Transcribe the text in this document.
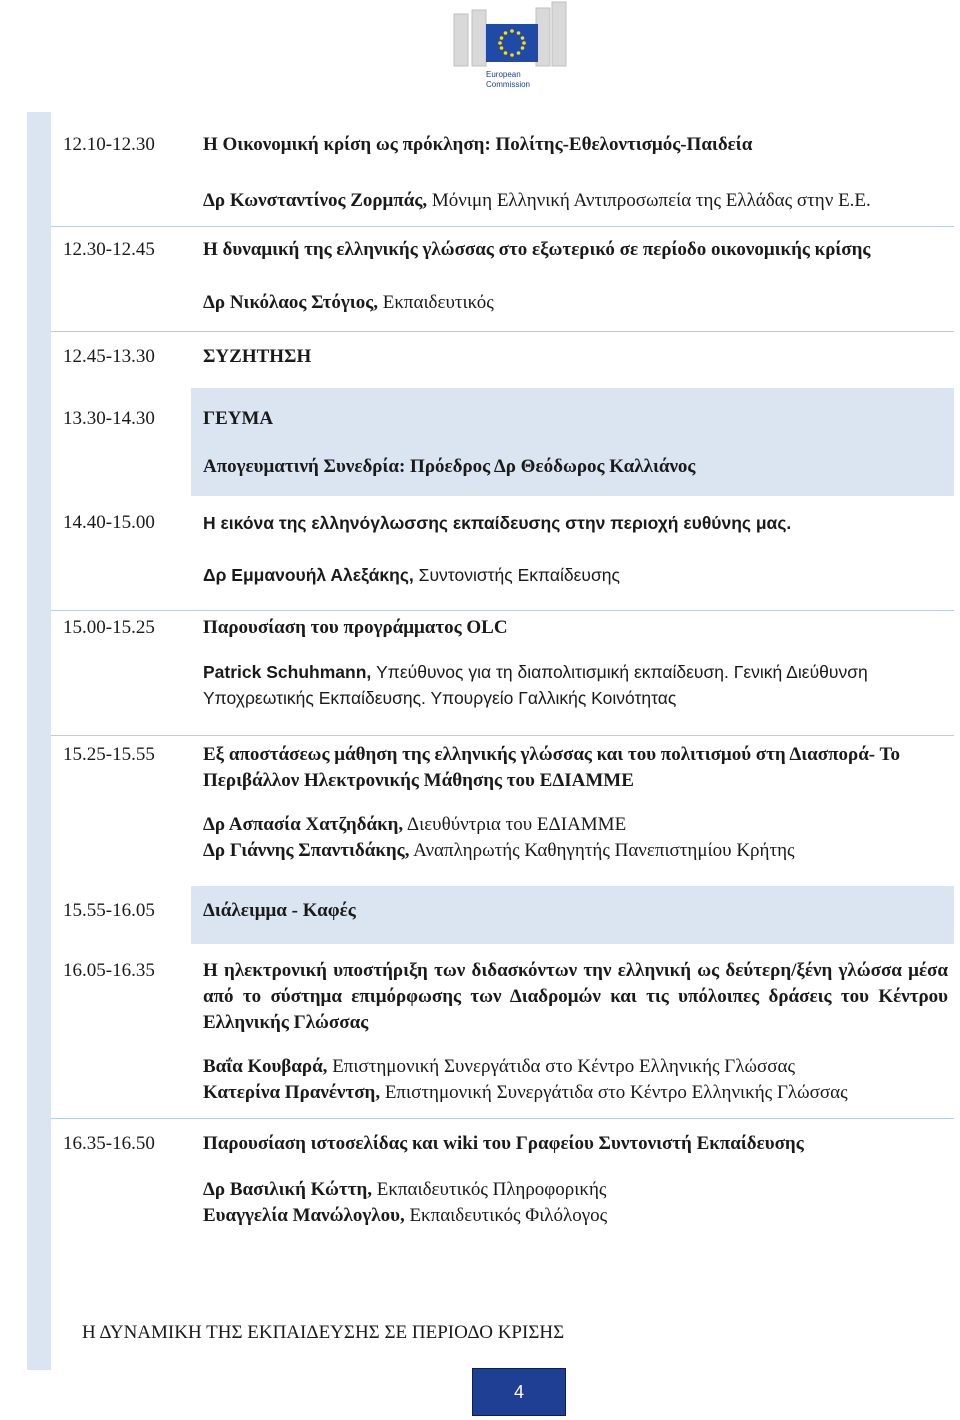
European
Commission
12.10-12.30	Η Οικονομική κρίση ως πρόκληση: Πολίτης-Εθελοντισμός-Παιδεία
Δρ Κωνσταντίνος Ζορμπάς, Μόνιμη Ελληνική Αντιπροσωπεία της Ελλάδας στην Ε.Ε.
12.30-12.45	Η δυναμική της ελληνικής γλώσσας στο εξωτερικό σε περίοδο οικονομικής κρίσης
Δρ Νικόλαος Στόγιος, Εκπαιδευτικός
12.45-13.30	ΣΥΖΗΤΗΣΗ
13.30-14.30	ΓΕΥΜΑ
Απογευματινή Συνεδρία: Πρόεδρος Δρ Θεόδωρος Καλλιάνος
14.40-15.00	Η εικόνα της ελληνόγλωσσης εκπαίδευσης στην περιοχή ευθύνης μας.
Δρ Εμμανουήλ Αλεξάκης, Συντονιστής Εκπαίδευσης
15.00-15.25	Παρουσίαση του προγράμματος OLC
Patrick Schuhmann, Υπεύθυνος για τη διαπολιτισμική εκπαίδευση. Γενική Διεύθυνση Υποχρεωτικής Εκπαίδευσης. Υπουργείο Γαλλικής Κοινότητας
15.25-15.55	Εξ αποστάσεως μάθηση της ελληνικής γλώσσας και του πολιτισμού στη Διασπορά- Το Περιβάλλον Ηλεκτρονικής Μάθησης του ΕΔΙΑΜΜΕ
Δρ Ασπασία Χατζηδάκη, Διευθύντρια του ΕΔΙΑΜΜΕ
Δρ Γιάννης Σπαντιδάκης, Αναπληρωτής Καθηγητής Πανεπιστημίου Κρήτης
15.55-16.05	Διάλειμμα - Καφές
16.05-16.35	Η ηλεκτρονική υποστήριξη των διδασκόντων την ελληνική ως δεύτερη/ξένη γλώσσα μέσα από το σύστημα επιμόρφωσης των Διαδρομών και τις υπόλοιπες δράσεις του Κέντρου Ελληνικής Γλώσσας
Βαΐα Κουβαρά, Επιστημονική Συνεργάτιδα στο Κέντρο Ελληνικής Γλώσσας
Κατερίνα Πρανέντση, Επιστημονική Συνεργάτιδα στο Κέντρο Ελληνικής Γλώσσας
16.35-16.50	Παρουσίαση ιστοσελίδας και wiki του Γραφείου Συντονιστή Εκπαίδευσης
Δρ Βασιλική Κώττη, Εκπαιδευτικός Πληροφορικής
Ευαγγελία Μανώλογλου, Εκπαιδευτικός Φιλόλογος
Η ΔΥΝΑΜΙΚΗ ΤΗΣ ΕΚΠΑΙΔΕΥΣΗΣ ΣΕ ΠΕΡΙΟΔΟ ΚΡΙΣΗΣ
4
